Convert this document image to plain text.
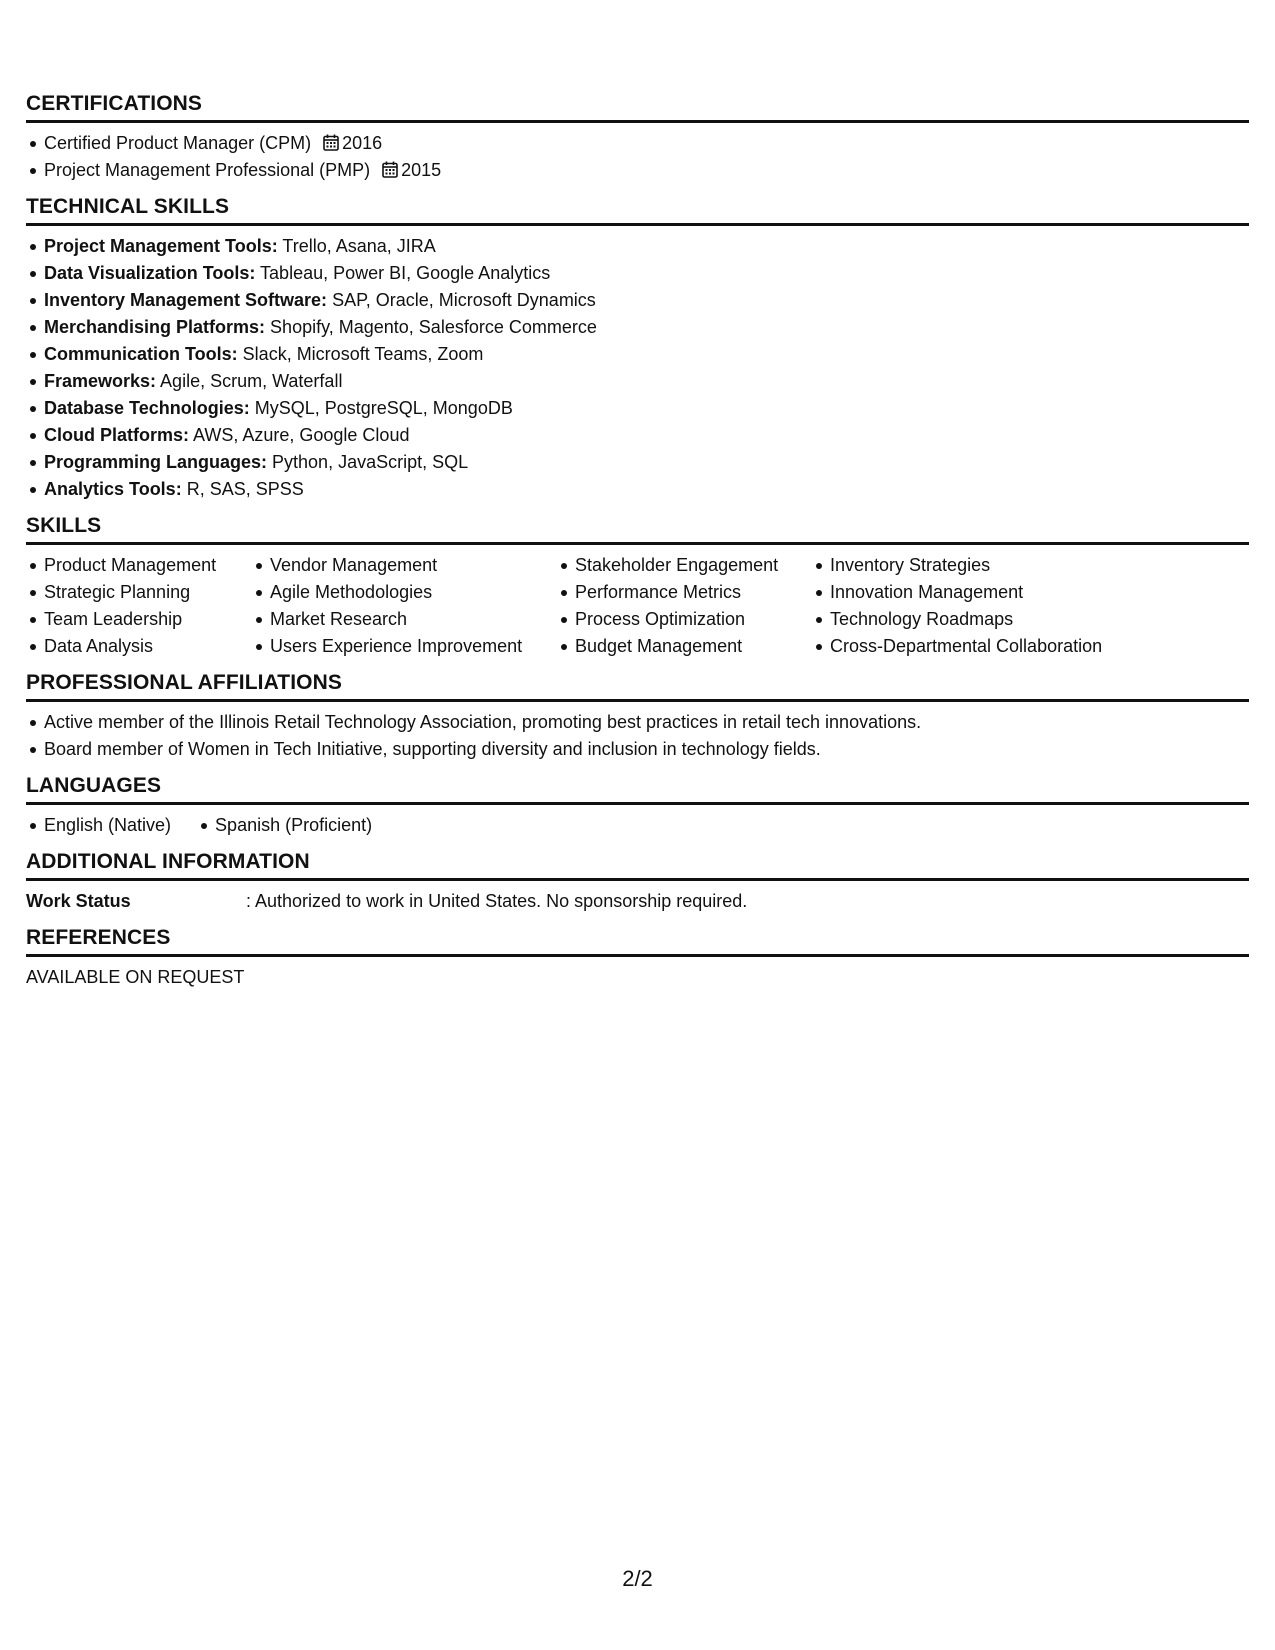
CERTIFICATIONS
Certified Product Manager (CPM) 2016
Project Management Professional (PMP) 2015
TECHNICAL SKILLS
Project Management Tools: Trello, Asana, JIRA
Data Visualization Tools: Tableau, Power BI, Google Analytics
Inventory Management Software: SAP, Oracle, Microsoft Dynamics
Merchandising Platforms: Shopify, Magento, Salesforce Commerce
Communication Tools: Slack, Microsoft Teams, Zoom
Frameworks: Agile, Scrum, Waterfall
Database Technologies: MySQL, PostgreSQL, MongoDB
Cloud Platforms: AWS, Azure, Google Cloud
Programming Languages: Python, JavaScript, SQL
Analytics Tools: R, SAS, SPSS
SKILLS
Product Management
Strategic Planning
Team Leadership
Data Analysis
Vendor Management
Agile Methodologies
Market Research
Users Experience Improvement
Stakeholder Engagement
Performance Metrics
Process Optimization
Budget Management
Inventory Strategies
Innovation Management
Technology Roadmaps
Cross-Departmental Collaboration
PROFESSIONAL AFFILIATIONS
Active member of the Illinois Retail Technology Association, promoting best practices in retail tech innovations.
Board member of Women in Tech Initiative, supporting diversity and inclusion in technology fields.
LANGUAGES
English (Native)	Spanish (Proficient)
ADDITIONAL INFORMATION
Work Status	: Authorized to work in United States. No sponsorship required.
REFERENCES
AVAILABLE ON REQUEST
2/2
